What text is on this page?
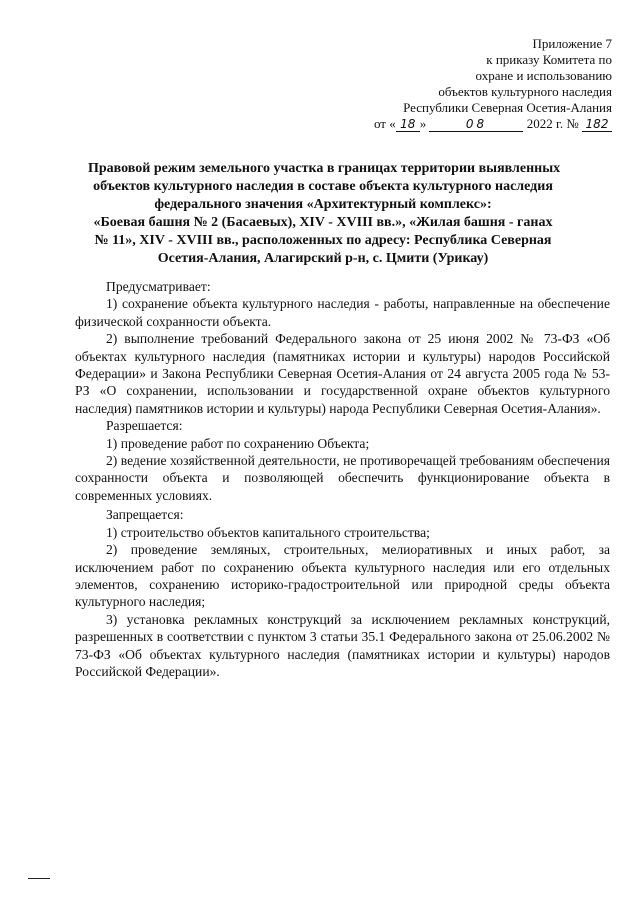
Приложение 7
к приказу Комитета по
охране и использованию
объектов культурного наследия
Республики Северная Осетия-Алания
от « 18 »	08	2022 г. № 182
Правовой режим земельного участка в границах территории выявленных
объектов культурного наследия в составе объекта культурного наследия
федерального значения «Архитектурный комплекс»:
«Боевая башня № 2 (Басаевых), XIV - XVIII вв.», «Жилая башня - ганах
№ 11», XIV - XVIII вв., расположенных по адресу: Республика Северная
Осетия-Алания, Алагирский р-н, с. Цмити (Урикау)

Предусматривает:

1) сохранение объекта культурного наследия - работы, направленные на обеспечение физической сохранности объекта.

2) выполнение требований Федерального закона от 25 июня 2002 № 73-ФЗ «Об объектах культурного наследия (памятниках истории и культуры) народов Российской Федерации» и Закона Республики Северная Осетия-Алания от 24 августа 2005 года № 53-РЗ «О сохранении, использовании и государственной охране объектов культурного наследия) памятников истории и культуры) народа Республики Северная Осетия-Алания».

Разрешается:

1) проведение работ по сохранению Объекта;

2) ведение хозяйственной деятельности, не противоречащей требованиям обеспечения сохранности объекта и позволяющей обеспечить функционирование объекта в современных условиях.

Запрещается:

1) строительство объектов капитального строительства;

2) проведение земляных, строительных, мелиоративных и иных работ, за исключением работ по сохранению объекта культурного наследия или его отдельных элементов, сохранению историко-градостроительной или природной среды объекта культурного наследия;

3) установка рекламных конструкций за исключением рекламных конструкций, разрешенных в соответствии с пунктом 3 статьи 35.1 Федерального закона от 25.06.2002 № 73-ФЗ «Об объектах культурного наследия (памятниках истории и культуры) народов Российской Федерации».
